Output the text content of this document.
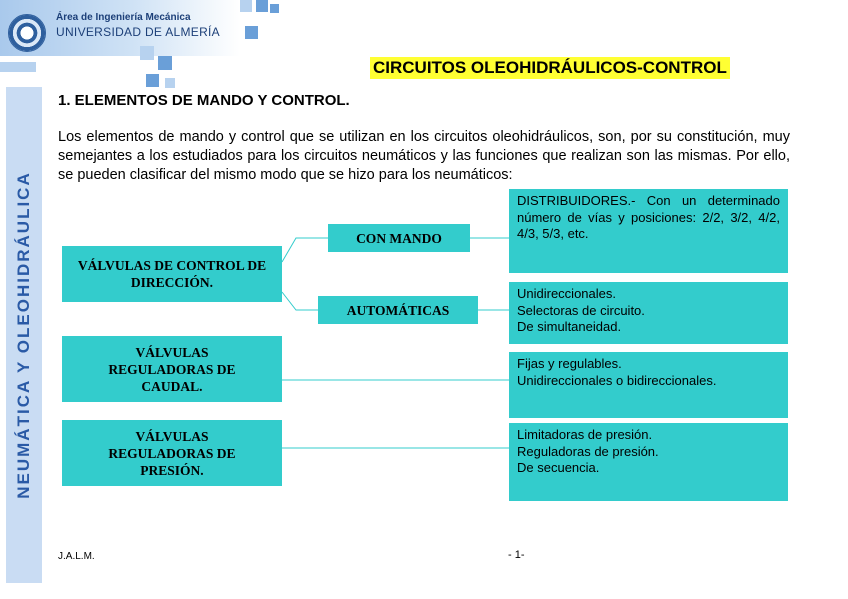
Área de Ingeniería Mecánica
UNIVERSIDAD DE ALMERÍA
NEUMÁTICA Y OLEOHIDRÁULICA
CIRCUITOS OLEOHIDRÁULICOS-CONTROL
1. ELEMENTOS DE MANDO Y CONTROL.
Los elementos de mando y control que se utilizan en los circuitos oleohidráulicos, son, por su constitución, muy semejantes a los estudiados para los circuitos neumáticos y las funciones que realizan son las mismas. Por ello, se pueden clasificar del mismo modo que se hizo para los neumáticos:
VÁLVULAS DE CONTROL DE DIRECCIÓN.
CON MANDO
AUTOMÁTICAS
VÁLVULAS REGULADORAS DE CAUDAL.
VÁLVULAS REGULADORAS DE PRESIÓN.
DISTRIBUIDORES.- Con un determinado número de vías y posiciones: 2/2, 3/2, 4/2, 4/3, 5/3, etc.
Unidireccionales.
Selectoras de circuito.
De simultaneidad.
Fijas y regulables.
Unidireccionales o bidireccionales.
Limitadoras de presión.
Reguladoras de presión.
De secuencia.
J.A.L.M.	- 1-
